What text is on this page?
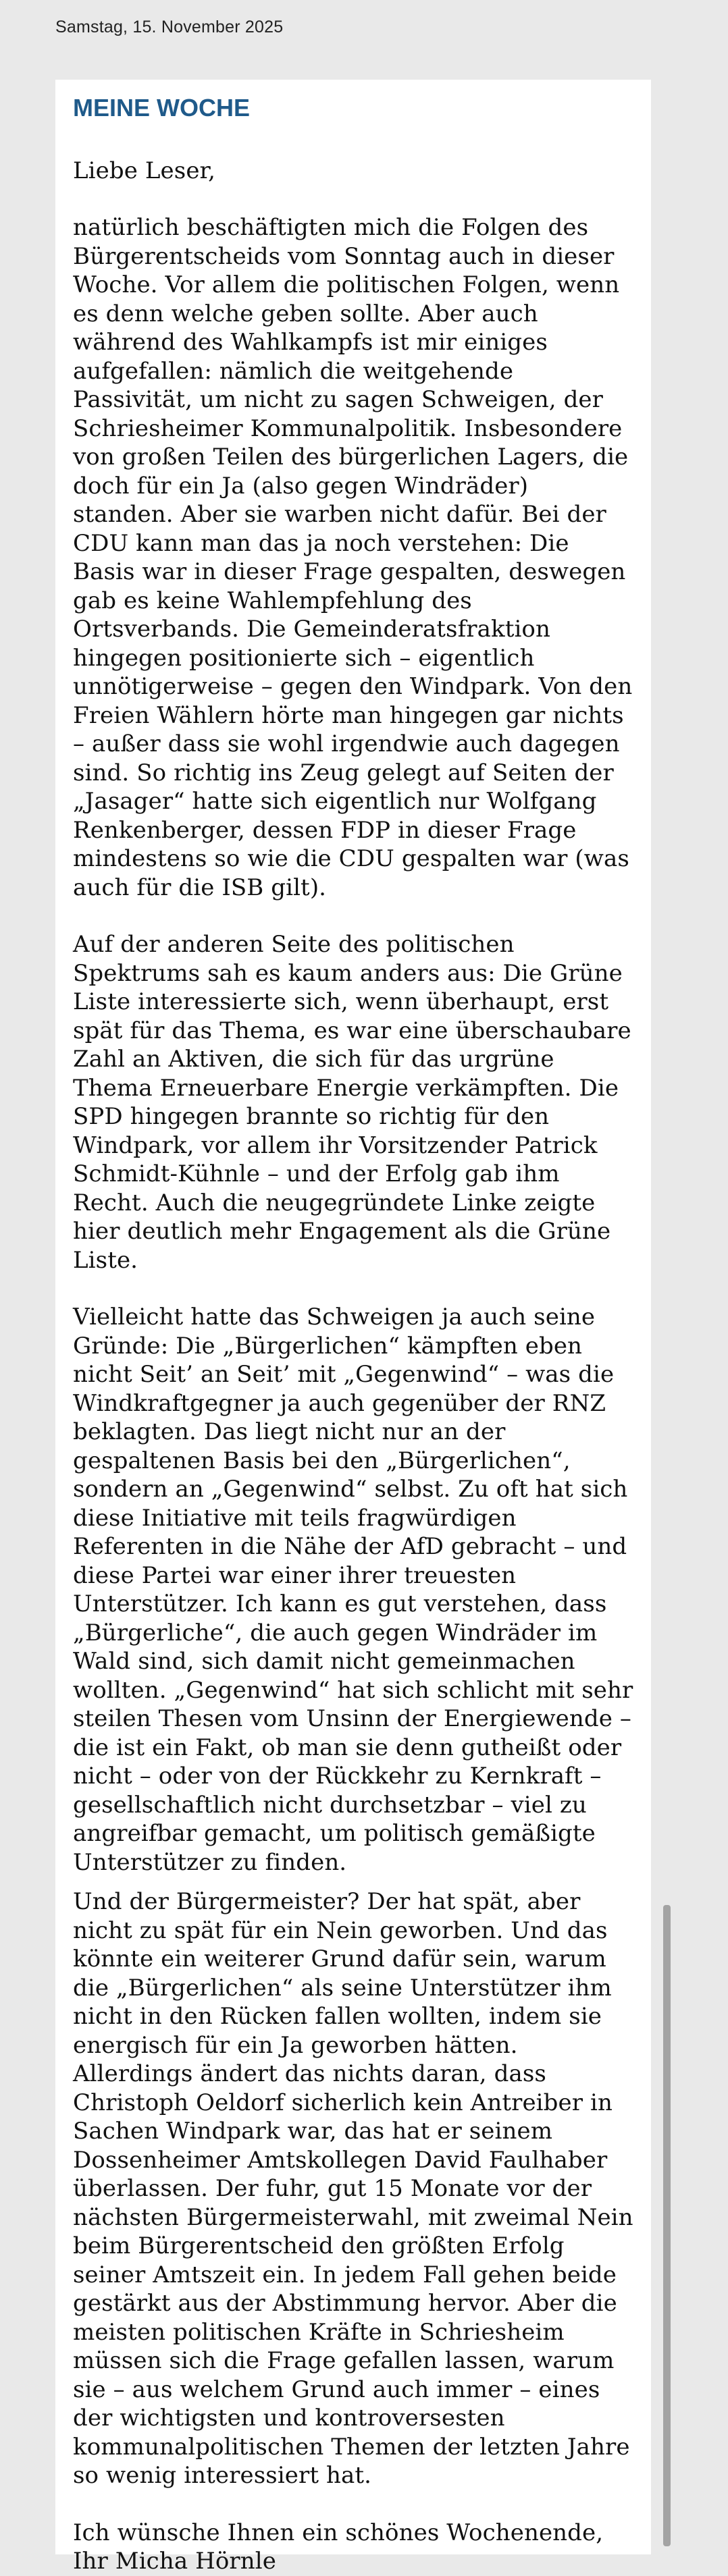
Samstag, 15. November 2025
MEINE WOCHE

Liebe Leser,

natürlich beschäftigten mich die Folgen des Bürgerentscheids vom Sonntag auch in dieser Woche. Vor allem die politischen Folgen, wenn es denn welche geben sollte. Aber auch während des Wahlkampfs ist mir einiges aufgefallen: nämlich die weitgehende Passivität, um nicht zu sagen Schweigen, der Schriesheimer Kommunalpolitik. Insbesondere von großen Teilen des bürgerlichen Lagers, die doch für ein Ja (also gegen Windräder) standen. Aber sie warben nicht dafür. Bei der CDU kann man das ja noch verstehen: Die Basis war in dieser Frage gespalten, deswegen gab es keine Wahlempfehlung des Ortsverbands. Die Gemeinderatsfraktion hingegen positionierte sich – eigentlich unnötigerweise – gegen den Windpark. Von den Freien Wählern hörte man hingegen gar nichts – außer dass sie wohl irgendwie auch dagegen sind. So richtig ins Zeug gelegt auf Seiten der „Jasager“ hatte sich eigentlich nur Wolfgang Renkenberger, dessen FDP in dieser Frage mindestens so wie die CDU gespalten war (was auch für die ISB gilt).

Auf der anderen Seite des politischen Spektrums sah es kaum anders aus: Die Grüne Liste interessierte sich, wenn überhaupt, erst spät für das Thema, es war eine überschaubare Zahl an Aktiven, die sich für das urgrüne Thema Erneuerbare Energie verkämpften. Die SPD hingegen brannte so richtig für den Windpark, vor allem ihr Vorsitzender Patrick Schmidt-Kühnle – und der Erfolg gab ihm Recht. Auch die neugegründete Linke zeigte hier deutlich mehr Engagement als die Grüne Liste.

Vielleicht hatte das Schweigen ja auch seine Gründe: Die „Bürgerlichen“ kämpften eben nicht Seit’ an Seit’ mit „Gegenwind“ – was die Windkraftgegner ja auch gegenüber der RNZ beklagten. Das liegt nicht nur an der gespaltenen Basis bei den „Bürgerlichen“, sondern an „Gegenwind“ selbst. Zu oft hat sich diese Initiative mit teils fragwürdigen Referenten in die Nähe der AfD gebracht – und diese Partei war einer ihrer treuesten Unterstützer. Ich kann es gut verstehen, dass „Bürgerliche“, die auch gegen Windräder im Wald sind, sich damit nicht gemeinmachen wollten. „Gegenwind“ hat sich schlicht mit sehr steilen Thesen vom Unsinn der Energiewende – die ist ein Fakt, ob man sie denn gutheißt oder nicht – oder von der Rückkehr zu Kernkraft – gesellschaftlich nicht durchsetzbar – viel zu angreifbar gemacht, um politisch gemäßigte Unterstützer zu finden.

Und der Bürgermeister? Der hat spät, aber nicht zu spät für ein Nein geworben. Und das könnte ein weiterer Grund dafür sein, warum die „Bürgerlichen“ als seine Unterstützer ihm nicht in den Rücken fallen wollten, indem sie energisch für ein Ja geworben hätten. Allerdings ändert das nichts daran, dass Christoph Oeldorf sicherlich kein Antreiber in Sachen Windpark war, das hat er seinem Dossenheimer Amtskollegen David Faulhaber überlassen. Der fuhr, gut 15 Monate vor der nächsten Bürgermeisterwahl, mit zweimal Nein beim Bürgerentscheid den größten Erfolg seiner Amtszeit ein. In jedem Fall gehen beide gestärkt aus der Abstimmung hervor. Aber die meisten politischen Kräfte in Schriesheim müssen sich die Frage gefallen lassen, warum sie – aus welchem Grund auch immer – eines der wichtigsten und kontroversesten kommunalpolitischen Themen der letzten Jahre so wenig interessiert hat.

Ich wünsche Ihnen ein schönes Wochenende, Ihr Micha Hörnle
